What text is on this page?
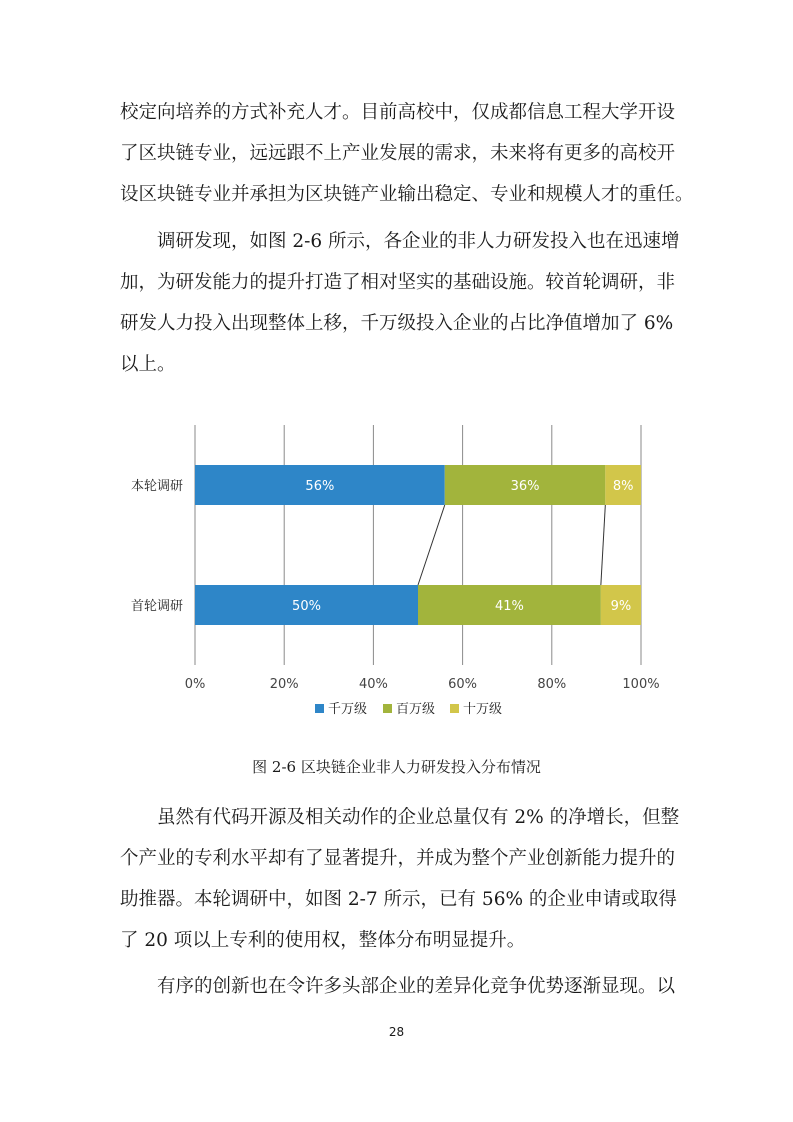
校定向培养的方式补充人才。目前高校中，仅成都信息工程大学开设
了区块链专业，远远跟不上产业发展的需求，未来将有更多的高校开
设区块链专业并承担为区块链产业输出稳定、专业和规模人才的重任。
　　调研发现，如图 2-6 所示，各企业的非人力研发投入也在迅速增
加，为研发能力的提升打造了相对坚实的基础设施。较首轮调研，非
研发人力投入出现整体上移，千万级投入企业的占比净值增加了 6%
以上。
0%	20%	40%	60%	80%	100%
本轮调研	56%	36%	8%
首轮调研	50%	41%	9%
千万级 百万级 十万级
图 2-6 区块链企业非人力研发投入分布情况
　　虽然有代码开源及相关动作的企业总量仅有 2% 的净增长，但整
个产业的专利水平却有了显著提升，并成为整个产业创新能力提升的
助推器。本轮调研中，如图 2-7 所示，已有 56% 的企业申请或取得
了 20 项以上专利的使用权，整体分布明显提升。
　　有序的创新也在令许多头部企业的差异化竞争优势逐渐显现。以
28
